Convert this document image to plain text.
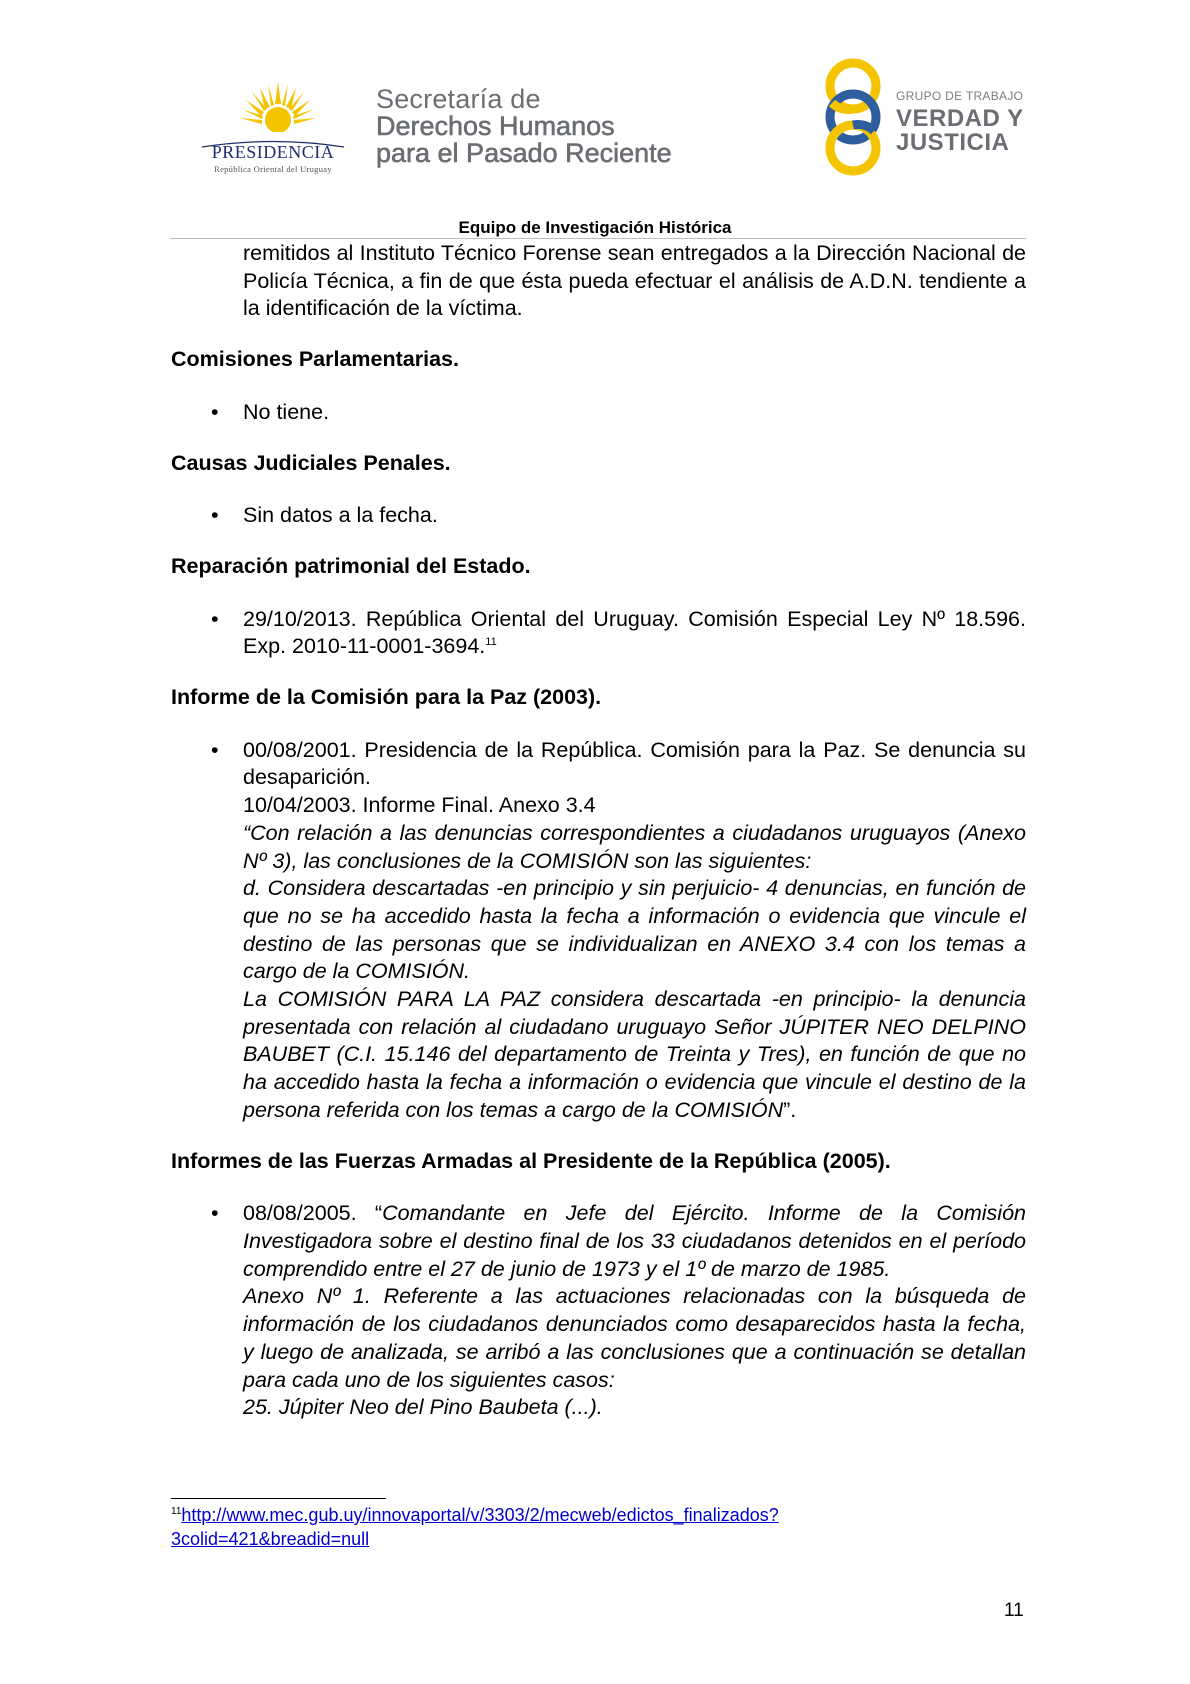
PRESIDENCIA
República Oriental del Uruguay
Secretaría de
Derechos Humanos
para el Pasado Reciente
GRUPO DE TRABAJO
VERDAD Y
JUSTICIA
Equipo de Investigación Histórica

remitidos al Instituto Técnico Forense sean entregados a la Dirección Nacional de Policía Técnica, a fin de que ésta pueda efectuar el análisis de A.D.N. tendiente a la identificación de la víctima.

Comisiones Parlamentarias.

• No tiene.

Causas Judiciales Penales.

• Sin datos a la fecha.

Reparación patrimonial del Estado.

• 29/10/2013. República Oriental del Uruguay. Comisión Especial Ley Nº 18.596. Exp. 2010-11-0001-3694.11

Informe de la Comisión para la Paz (2003).

• 00/08/2001. Presidencia de la República. Comisión para la Paz. Se denuncia su desaparición.
10/04/2003. Informe Final. Anexo 3.4
“Con relación a las denuncias correspondientes a ciudadanos uruguayos (Anexo Nº 3), las conclusiones de la COMISIÓN son las siguientes:
d. Considera descartadas -en principio y sin perjuicio- 4 denuncias, en función de que no se ha accedido hasta la fecha a información o evidencia que vincule el destino de las personas que se individualizan en ANEXO 3.4 con los temas a cargo de la COMISIÓN.
La COMISIÓN PARA LA PAZ considera descartada -en principio- la denuncia presentada con relación al ciudadano uruguayo Señor JÚPITER NEO DELPINO BAUBET (C.I. 15.146 del departamento de Treinta y Tres), en función de que no ha accedido hasta la fecha a información o evidencia que vincule el destino de la persona referida con los temas a cargo de la COMISIÓN”.

Informes de las Fuerzas Armadas al Presidente de la República (2005).

• 08/08/2005. “Comandante en Jefe del Ejército. Informe de la Comisión Investigadora sobre el destino final de los 33 ciudadanos detenidos en el período comprendido entre el 27 de junio de 1973 y el 1º de marzo de 1985.
Anexo Nº 1. Referente a las actuaciones relacionadas con la búsqueda de información de los ciudadanos denunciados como desaparecidos hasta la fecha, y luego de analizada, se arribó a las conclusiones que a continuación se detallan para cada uno de los siguientes casos:
25. Júpiter Neo del Pino Baubeta (...).
$^{11}$http://www.mec.gub.uy/innovaportal/v/3303/2/mecweb/edictos_finalizados?
3colid=421&breadid=null
11
